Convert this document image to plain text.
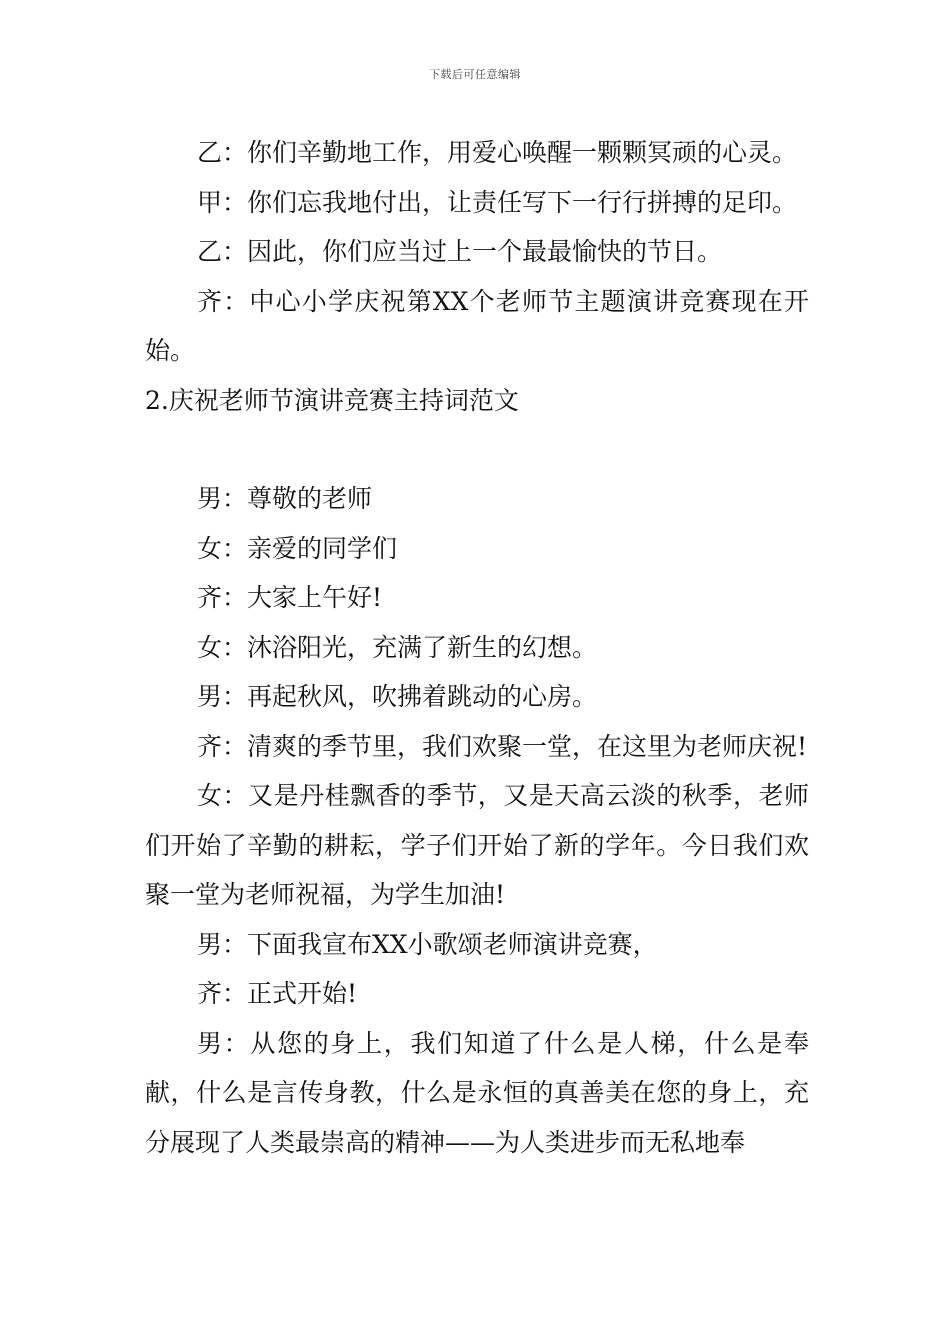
下载后可任意编辑

乙：你们辛勤地工作，用爱心唤醒一颗颗冥顽的心灵。

甲：你们忘我地付出，让责任写下一行行拼搏的足印。

乙：因此，你们应当过上一个最最愉快的节日。

齐：中心小学庆祝第XX个老师节主题演讲竞赛现在开始。

2.庆祝老师节演讲竞赛主持词范文

男：尊敬的老师

女：亲爱的同学们

齐：大家上午好!

女：沐浴阳光，充满了新生的幻想。

男：再起秋风，吹拂着跳动的心房。

齐：清爽的季节里，我们欢聚一堂，在这里为老师庆祝!

女：又是丹桂飘香的季节，又是天高云淡的秋季，老师们开始了辛勤的耕耘，学子们开始了新的学年。今日我们欢聚一堂为老师祝福，为学生加油!

男：下面我宣布XX小歌颂老师演讲竞赛，

齐：正式开始!

男：从您的身上，我们知道了什么是人梯，什么是奉献，什么是言传身教，什么是永恒的真善美在您的身上，充分展现了人类最崇高的精神——为人类进步而无私地奉
